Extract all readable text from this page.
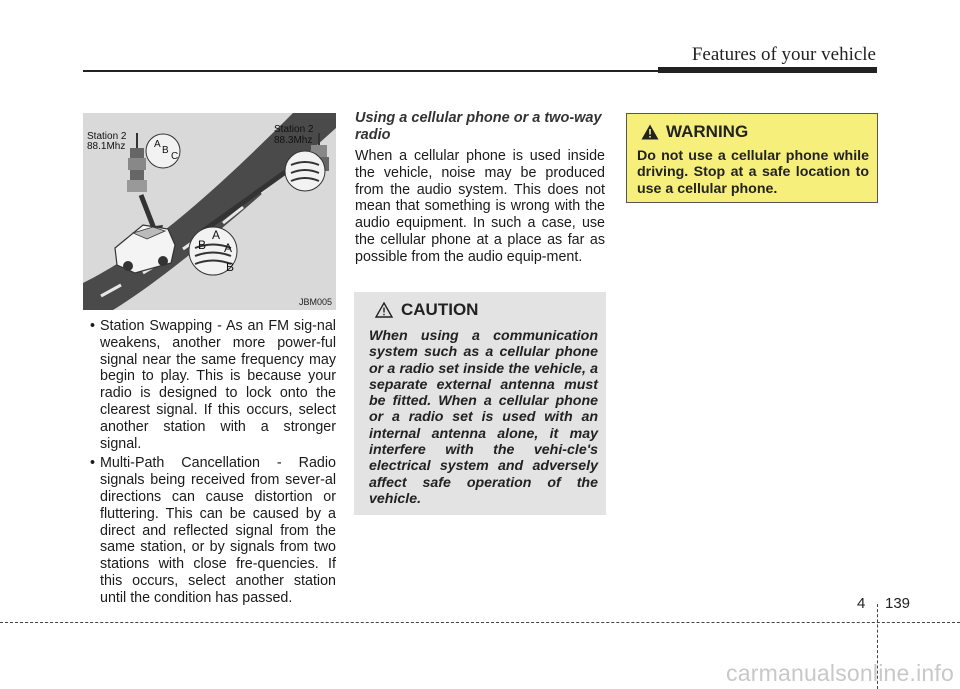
Features of your vehicle
Station 2
88.1Mhz
Station 2
88.3Mhz
A
B
C
A
B A
B
JBM005
• Station Swapping - As an FM sig-nal weakens, another more power-ful signal near the same frequency may begin to play. This is because your radio is designed to lock onto the clearest signal. If this occurs, select another station with a stronger signal.
• Multi-Path Cancellation - Radio signals being received from sever-al directions can cause distortion or fluttering. This can be caused by a direct and reflected signal from the same station, or by signals from two stations with close fre-quencies. If this occurs, select another station until the condition has passed.
Using a cellular phone or a two-way radio

When a cellular phone is used inside the vehicle, noise may be produced from the audio system. This does not mean that something is wrong with the audio equipment. In such a case, use the cellular phone at a place as far as possible from the audio equip-ment.

CAUTION
When using a communication system such as a cellular phone or a radio set inside the vehicle, a separate external antenna must be fitted. When a cellular phone or a radio set is used with an internal antenna alone, it may interfere with the vehi-cle's electrical system and adversely affect safe operation of the vehicle.
WARNING
Do not use a cellular phone while driving. Stop at a safe location to use a cellular phone.
4 139
carmanualsonline.info
